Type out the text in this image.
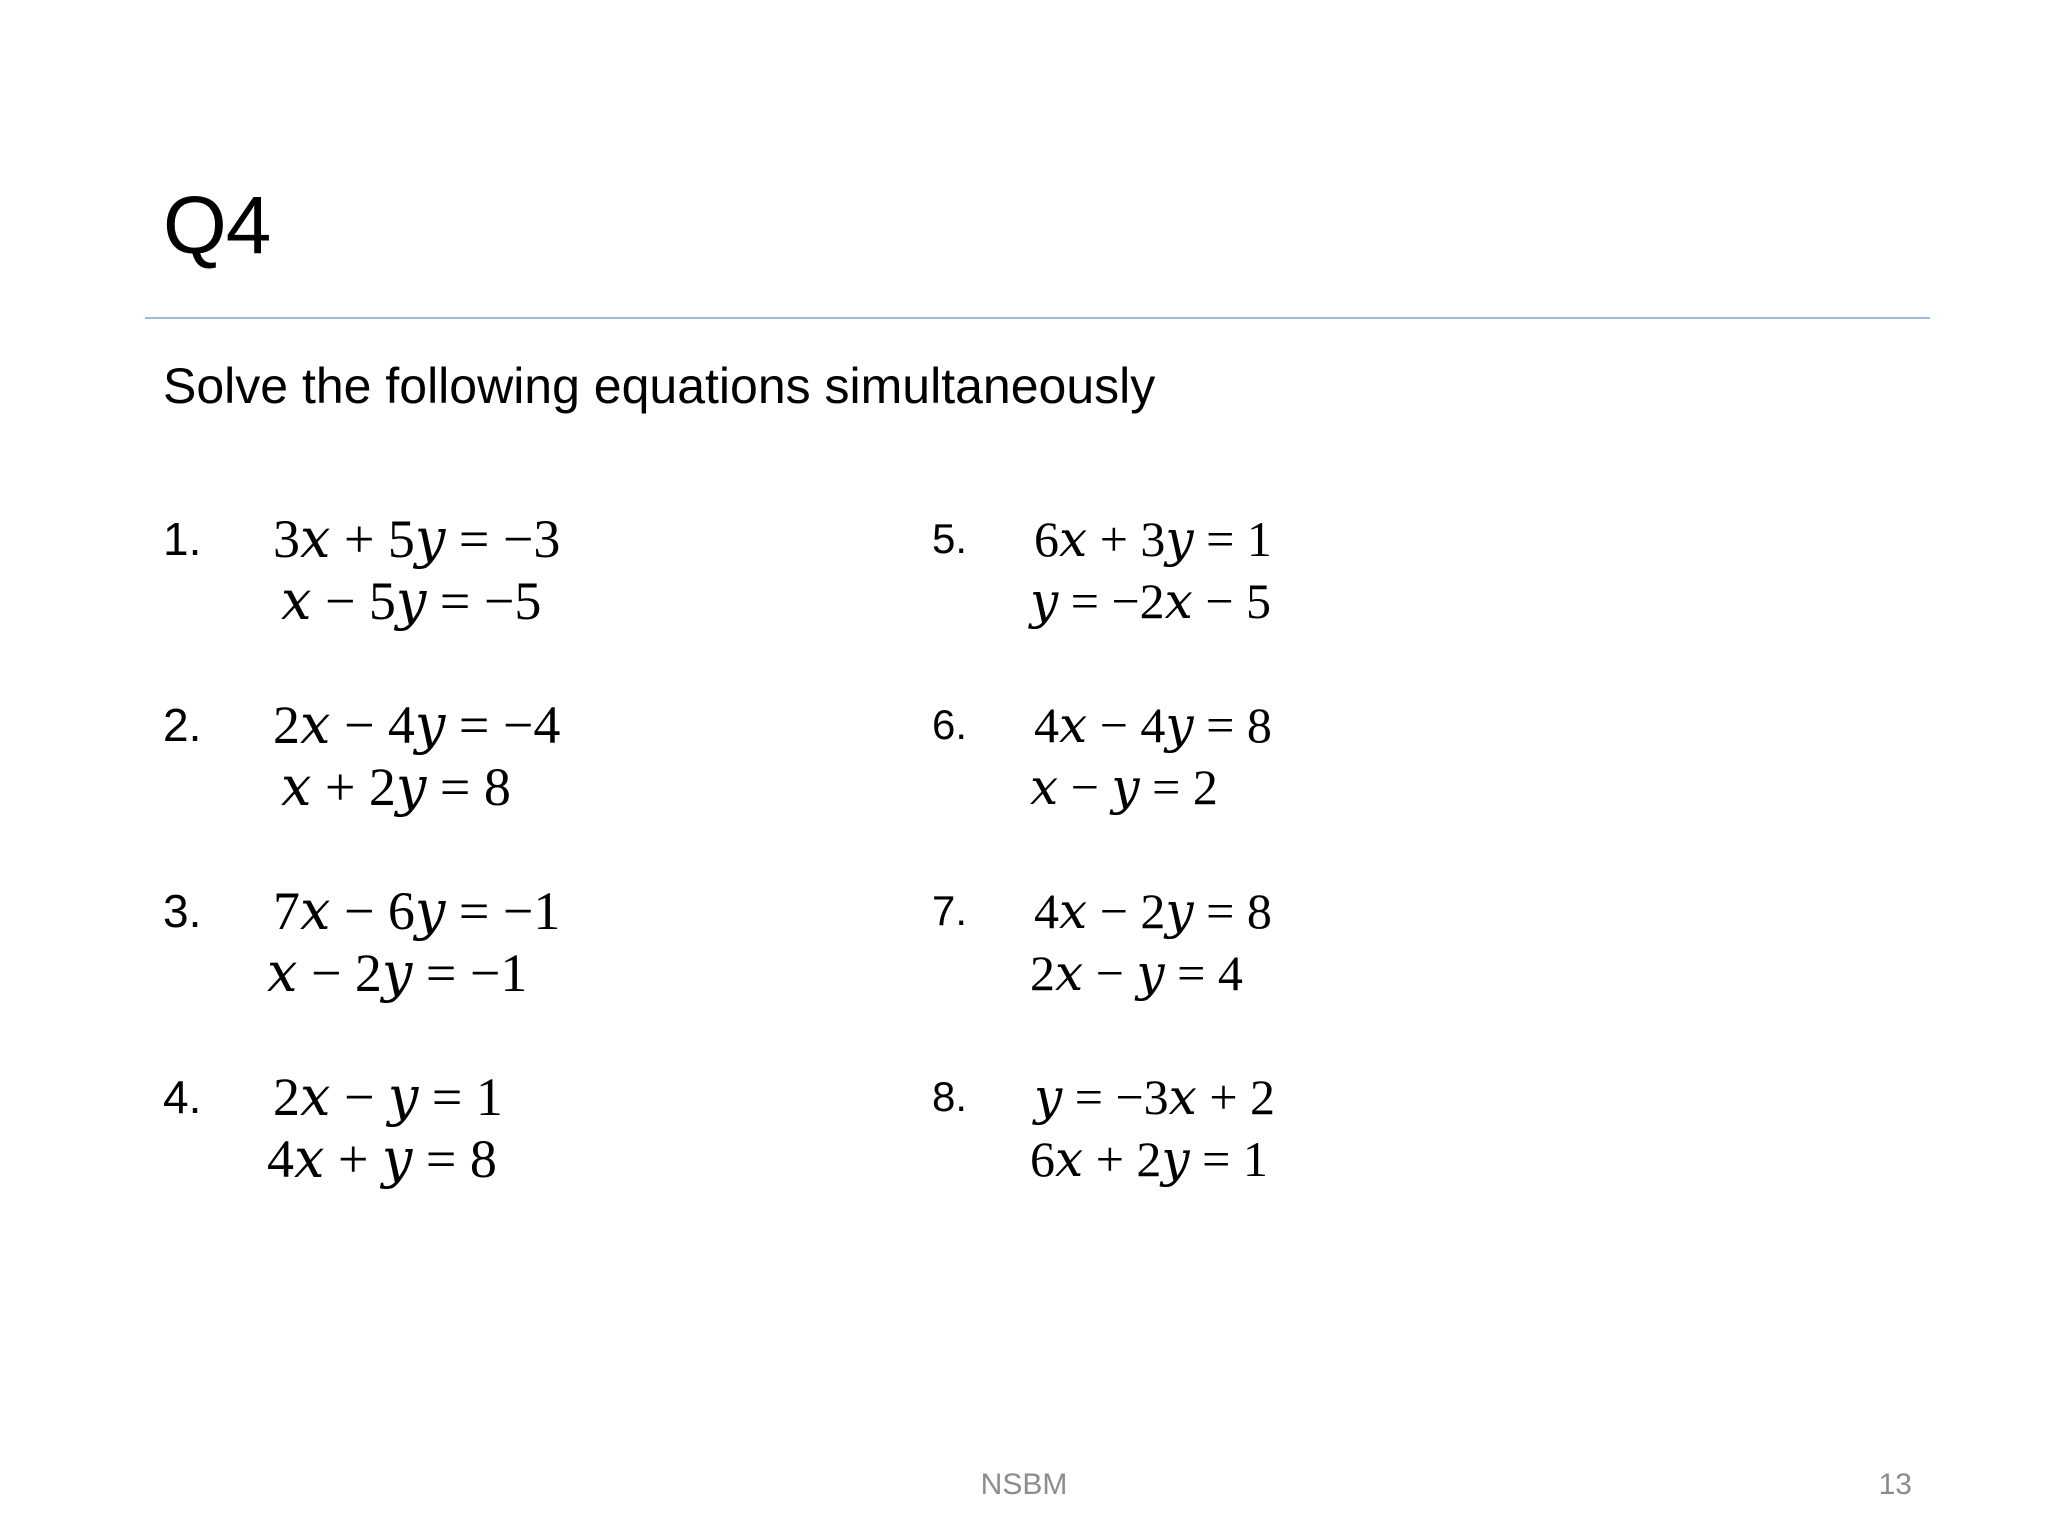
Q4
Solve the following equations simultaneously
1. 3𝑥 + 5𝑦 = −3
𝑥 − 5𝑦 = −5
2. 2𝑥 − 4𝑦 = −4
𝑥 + 2𝑦 = 8
3. 7𝑥 − 6𝑦 = −1
𝑥 − 2𝑦 = −1
4. 2𝑥 − 𝑦 = 1
4𝑥 + 𝑦 = 8
5. 6𝑥 + 3𝑦 = 1
𝑦 = −2𝑥 − 5
6. 4𝑥 − 4𝑦 = 8
𝑥 − 𝑦 = 2
7. 4𝑥 − 2𝑦 = 8
2𝑥 − 𝑦 = 4
8. 𝑦 = −3𝑥 + 2
6𝑥 + 2𝑦 = 1
NSBM	13
